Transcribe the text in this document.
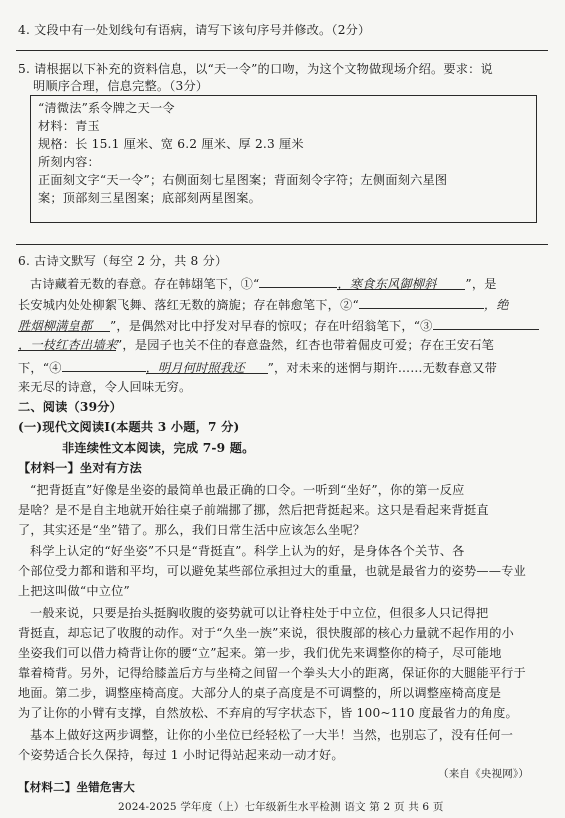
4. 文段中有一处划线句有语病，请写下该句序号并修改。（2分）
5. 请根据以下补充的资料信息，以“天一令”的口吻，为这个文物做现场介绍。要求：说
明顺序合理，信息完整。（3分）
“清微法”系令牌之天一令
材料：青玉
规格：长 15.1 厘米、宽 6.2 厘米、厚 2.3 厘米
所刻内容：
正面刻文字“天一令”；右侧面刻七星图案；背面刻令字符；左侧面刻六星图
案；顶部刻三星图案；底部刻两星图案。
6. 古诗文默写（每空 2 分，共 8 分）
古诗藏着无数的春意。存在韩翃笔下，①“	，寒食东风御柳斜 ”，是
长安城内处处柳絮飞舞、落红无数的旖旎；存在韩愈笔下，②“	，绝
胜烟柳满皇都 ”，是偶然对比中抒发对早春的惊叹；存在叶绍翁笔下，“③
，一枝红杏出墙来”，是园子也关不住的春意盎然，红杏也带着倔皮可爱；存在王安石笔
下，“④	，明月何时照我还 ”，对未来的迷惘与期许……无数春意又带
来无尽的诗意，令人回味无穷。
二、阅读（39分）
(一)现代文阅读Ⅰ(本题共 3 小题，7 分)
非连续性文本阅读，完成 7-9 题。
【材料一】坐对有方法
“把背挺直”好像是坐姿的最简单也最正确的口令。一听到“坐好”，你的第一反应
是啥？是不是自主地就开始往桌子前端挪了挪，然后把背挺起来。这只是看起来背挺直
了，其实还是“坐”错了。那么，我们日常生活中应该怎么坐呢？
科学上认定的“好坐姿”不只是“背挺直”。科学上认为的好，是身体各个关节、各
个部位受力都和谐和平均，可以避免某些部位承担过大的重量，也就是最省力的姿势——专业
上把这叫做“中立位”
一般来说，只要是抬头挺胸收腹的姿势就可以让脊柱处于中立位，但很多人只记得把
背挺直，却忘记了收腹的动作。对于“久坐一族”来说，很快腹部的核心力量就不起作用的小
坐姿我们可以借力椅背让你的腰“立”起来。第一步，我们优先来调整你的椅子，尽可能地
靠着椅背。另外，记得给膝盖后方与坐椅之间留一个拳头大小的距离，保证你的大腿能平行于
地面。第二步，调整座椅高度。大部分人的桌子高度是不可调整的，所以调整座椅高度是
为了让你的小臂有支撑，自然放松、不弃肩的写字状态下，皆 100~110 度最省力的角度。
基本上做好这两步调整，让你的小坐位已经轻松了一大半！当然，也别忘了，没有任何一
个姿势适合长久保持，每过 1 小时记得站起来动一动才好。
（来自《央视网》）
【材料二】坐错危害大
2024-2025 学年度（上）七年级新生水平检测 语文 第 2 页 共 6 页
